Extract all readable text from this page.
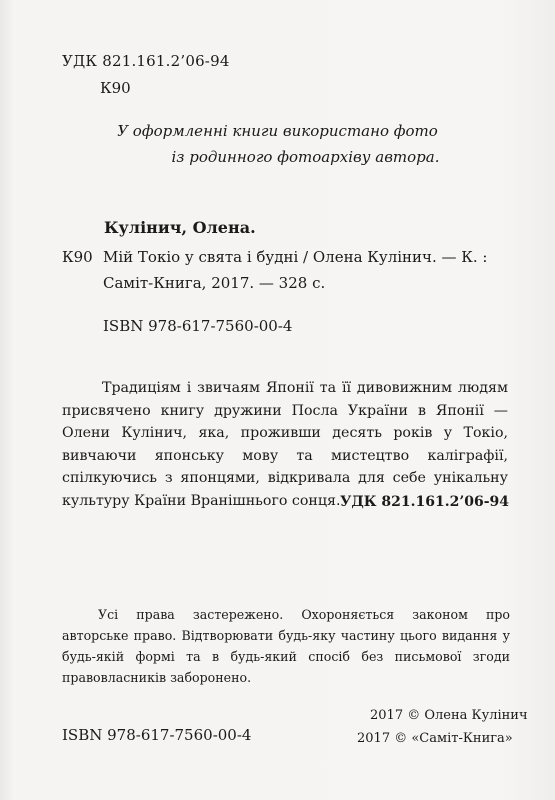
УДК 821.161.2’06-94
К90
У оформленні книги використано фото
із родинного фотоархіву автора.
Кулінич, Олена.
К90 Мій Токіо у свята і будні / Олена Кулінич. — К. :
Саміт-Книга, 2017. — 328 с.
ISBN 978-617-7560-00-4
Традиціям і звичаям Японії та її дивовижним людям присвячено книгу дружини Посла України в Японії — Олени Кулінич, яка, проживши десять років у Токіо, вивчаючи японську мову та мистецтво каліграфії, спілкуючись з японцями, відкривала для себе унікальну культуру Країни Вранішнього сонця. УДК 821.161.2’06-94
Усі права застережено. Охороняється законом про авторське право. Відтворювати будь-яку частину цього видання у будь-якій формі та в будь-який спосіб без письмової згоди правовласників заборонено.
2017 © Олена Кулінич
ISBN 978-617-7560-00-4	2017 © «Саміт-Книга»
